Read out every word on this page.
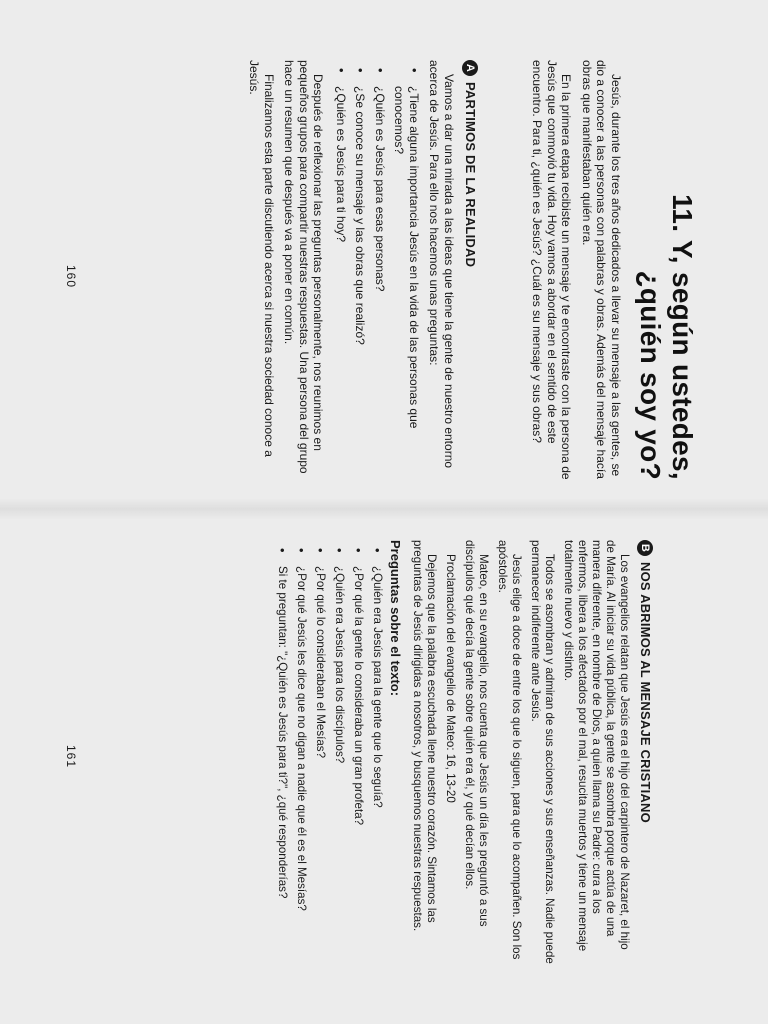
11. Y, según ustedes,
¿quién soy yo?

Jesús, durante los tres años dedicados a llevar su mensaje a las gentes, se dio a conocer a las personas con palabras y obras. Además del mensaje hacía obras que manifestaban quién era.

En la primera etapa recibiste un mensaje y te encontraste con la persona de Jesús que conmovió tu vida. Hoy vamos a abordar en el sentido de este encuentro. Para ti, ¿quién es Jesús? ¿Cuál es su mensaje y sus obras?

A
PARTIMOS DE LA REALIDAD

Vamos a dar una mirada a las ideas que tiene la gente de nuestro entorno acerca de Jesús. Para ello nos hacemos unas preguntas:

• ¿Tiene alguna importancia Jesús en la vida de las personas que conocemos?
• ¿Quién es Jesús para esas personas?
• ¿Se conoce su mensaje y las obras que realizó?
• ¿Quién es Jesús para ti hoy?

Después de reflexionar las preguntas personalmente, nos reunimos en pequeños grupos para compartir nuestras respuestas. Una persona del grupo hace un resumen que después va a poner en común.

Finalizamos esta parte discutiendo acerca si nuestra sociedad conoce a Jesús.

160
B
NOS ABRIMOS AL MENSAJE CRISTIANO

Los evangelios relatan que Jesús era el hijo del carpintero de Nazaret, el hijo de María. Al iniciar su vida pública, la gente se asombra porque actúa de una manera diferente, en nombre de Dios, a quien llama su Padre: cura a los enfermos, libera a los afectados por el mal, resucita muertos y tiene un mensaje totalmente nuevo y distinto.

Todos se asombran y admiran de sus acciones y sus enseñanzas. Nadie puede permanecer indiferente ante Jesús.

Jesús elige a doce de entre los que lo siguen, para que lo acompañen. Son los apóstoles.

Mateo, en su evangelio, nos cuenta que Jesús un día les preguntó a sus discípulos qué decía la gente sobre quién era él, y qué decían ellos.

Proclamación del evangelio de Mateo: 16, 13-20

Dejemos que la palabra escuchada llene nuestro corazón. Sintamos las preguntas de Jesús dirigidas a nosotros, y busquemos nuestras respuestas.

Preguntas sobre el texto:
• ¿Quién era Jesús para la gente que lo seguía?
• ¿Por qué la gente lo consideraba un gran profeta?
• ¿Quién era Jesús para los discípulos?
• ¿Por qué lo consideraban el Mesías?
• ¿Por qué Jesús les dice que no digan a nadie que él es el Mesías?
• Si te preguntan: "¿Quién es Jesús para ti?", ¿qué responderías?
161
